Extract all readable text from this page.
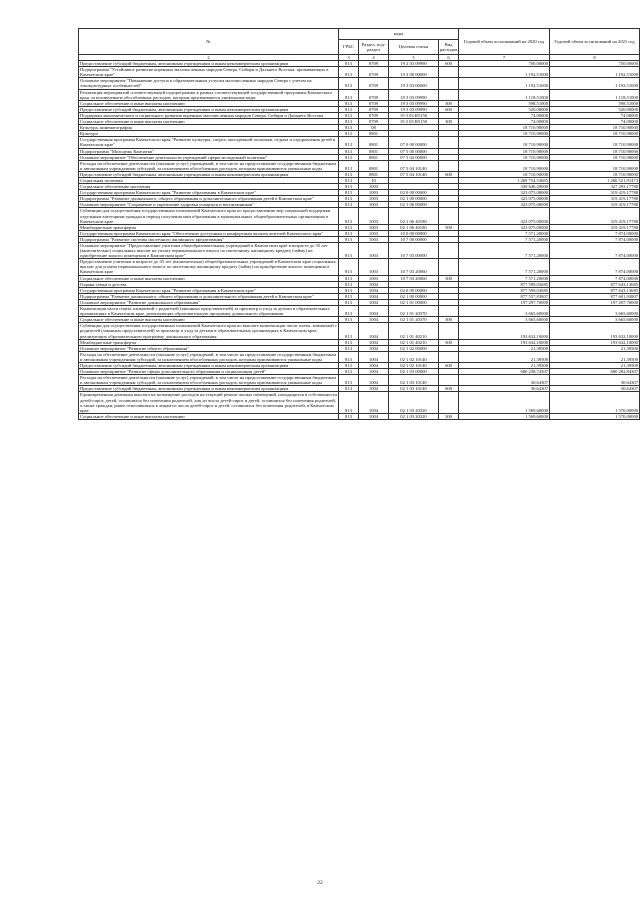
№	коды				Годовой объем ассигнований на 2020 год	Годовой объем ассигнований на 2021 год
	ГРБС	Раздел, под-раздел	Целевая статья	Вид расходов		
2	3	4	5	6	7	8
Предоставление субсидий бюджетным, автономным учреждениям и иным некоммерческим организациям	813	0709	19 2 03 09990	600	700,00000	750,00000
Подпрограмма "Устойчивое развитие коренных малочисленных народов Севера, Сибири и Дальнего Востока, проживающих в Камчатском крае"	813	0709	19 3 00 00000		1 192,51000	1 192,51000
Основное мероприятие "Повышение доступа к образовательным услугам малочисленных народов Севера с учетом их этнокультурных особенностей"	813	0709	19 3 03 00000		1 192,51000	1 192,51000
Реализация мероприятий соответствующей подпрограммы в рамках соответствующей государственной программы Камчатского края, за исключением обособленных расходов, которым присваиваются уникальные коды	813	0709	19 3 03 09990		1 118,51000	1 118,51000
Социальное обеспечение и иные выплаты населению	813	0709	19 3 03 09990	300	598,51000	598,51000
Предоставление субсидий бюджетным, автономным учреждениям и иным некоммерческим организациям	813	0709	19 3 03 09990	600	520,00000	520,00000
Поддержка экономического и социального развития коренных малочисленных народов Севера, Сибири и Дальнего Востока	813	0709	19 3 03 R5150		74,00000	74,00000
Социальное обеспечение и иные выплаты населению	813	0709	19 3 03 R5150	300	74,00000	74,00000
Культура, кинематография	813	08			18 710,90000	18 710,90000
Культура	813	0801			18 710,90000	18 710,90000
Государственная программа Камчатского края "Развитие культуры, спорта, молодежной политики, отдыха и оздоровления детей в Камчатском крае"	813	0801	07 0 00 00000		18 710,90000	18 710,90000
Подпрограмма "Молодежь Камчатки"	813	0801	07 5 00 00000		18 710,90000	18 710,90000
Основное мероприятие "Обеспечение деятельности учреждений сферы молодежной политики"	813	0801	07 5 04 00000		18 710,90000	18 710,90000
Расходы на обеспечение деятельности (оказание услуг) учреждений, в том числе на предоставление государственным бюджетным и автономным учреждениям субсидий, за исключением обособленных расходов, которым присваиваются уникальные коды	813	0801	07 5 04 10140		18 710,90000	18 710,90000
Предоставление субсидий бюджетным, автономным учреждениям и иным некоммерческим организациям	813	0801	07 5 04 10140	600	18 710,90000	18 710,90000
Социальная политика	813	10			1 269 754,53685	1 266 521,91473
Социальное обеспечение населения	813	1003			330 646,20000	327 293,17788
Государственная программа Камчатского края "Развитие образования в Камчатском крае"	813	1003	02 0 00 00000		323 075,00000	319 419,17788
Подпрограмма "Развитие дошкольного, общего образования и дополнительного образования детей в Камчатском крае"	813	1003	02 1 00 00000		323 075,00000	319 419,17788
Основное мероприятие "Сохранение и укрепление здоровья учащихся и воспитанников"	813	1003	02 1 06 00000		323 075,00000	319 419,17788
Субвенции для осуществления государственных полномочий Камчатского края по предоставлению мер социальной поддержки отдельным категориям граждан в период получения ими образования в муниципальных общеобразовательных организациях в Камчатском крае	813	1003	02 1 06 40180		323 075,00000	319 419,17788
Межбюджетные трансферты	813	1003	02 1 06 40180	500	323 075,00000	319 419,17788
Государственная программа Камчатского края "Обеспечение доступным и комфортным жильем жителей Камчатского края"	813	1003	10 0 00 00000		7 571,20000	7 874,00000
Подпрограмма "Развитие системы ипотечного жилищного кредитования"	813	1003	10 7 00 00000		7 571,20000	7 874,00000
Основное мероприятие "Предоставление учителям общеобразовательных учреждений в Камчатском крае в возрасте до 35 лет (включительно) социальных выплат на уплату первоначального взноса по ипотечному жилищному кредиту (займу) на приобретение жилого помещения в Камчатском крае"	813	1003	10 7 03 00000		7 571,20000	7 874,00000
Предоставление учителям в возрасте до 35 лет (включительно) общеобразовательных учреждений в Камчатском крае социальных выплат для уплаты первоначального взноса по ипотечному жилищному кредиту (займу) на приобретение жилого помещения в Камчатском крае	813	1003	10 7 03 20060		7 571,20000	7 874,00000
Социальное обеспечение и иные выплаты населению	813	1003	10 7 03 20060	300	7 571,20000	7 874,00000
Охрана семьи и детства	813	1004			877 599,03685	877 643,13685
Государственная программа Камчатского края "Развитие образования в Камчатском крае"	813	1004	02 0 00 00000		877 599,03685	877 643,13685
Подпрограмма "Развитие дошкольного, общего образования и дополнительного образования детей в Камчатском крае"	813	1004	02 1 00 00000		877 557,83807	877 601,93807
Основное мероприятие "Развитие дошкольного образования"	813	1004	02 1 01 00000		197 297,70000	197 297,70000
Компенсация части платы, взимаемой с родителей (законных представителей) за присмотр и уход за детьми в образовательных организациях в Камчатском крае, реализующих образовательную программу дошкольного образования	813	1004	02 1 01 20370		3 665,60000	3 665,60000
Социальное обеспечение и иные выплаты населению	813	1004	02 1 01 20370	300	3 665,60000	3 665,60000
Субвенции для осуществления государственных полномочий Камчатского края по выплате компенсации части платы, взимаемой с родителей (законных представителей) за присмотр и уход за детьми в образовательных организациях в Камчатском крае, реализующих образовательную программу дошкольного образования	813	1004	02 1 01 40210		193 632,10000	193 632,10000
Межбюджетные трансферты	813	1004	02 1 01 40210	500	193 632,10000	193 632,10000
Основное мероприятие "Развитие общего образования"	813	1004	02 1 02 00000		21,39500	21,39500
Расходы на обеспечение деятельности (оказание услуг) учреждений, в том числе на предоставление государственным бюджетным и автономным учреждениям субсидий, за исключением обособленных расходов, которым присваиваются уникальные коды	813	1004	02 1 02 10140		21,39500	21,39500
Предоставление субсидий бюджетным, автономным учреждениям и иным некоммерческим организациям	813	1004	02 1 02 10140	600	21,39500	21,39500
Основное мероприятие "Развитие сферы дополнительного образования и социализации детей"	813	1004	02 1 03 00000		680 238,74307	680 282,84307
Расходы на обеспечение деятельности (оказание услуг) учреждений, в том числе на предоставление государственным бюджетным и автономным учреждениям субсидий, за исключением обособленных расходов, которым присваиваются уникальные коды	813	1004	02 1 03 10140		30,64307	30,64307
Предоставление субсидий бюджетным, автономным учреждениям и иным некоммерческим организациям	813	1004	02 1 03 10140	600	30,64307	30,64307
Единовременная денежная выплата на возмещение расходов на текущий ремонт жилых помещений, находящихся в собственности детей-сирот, детей, оставшихся без попечения родителей, лиц из числа детей-сирот и детей, оставшихся без попечения родителей, а также граждан, ранее относившихся к лицам из числа детей-сирот и детей, оставшихся без попечения родителей, в Камчатском крае	813	1004	02 1 03 20320		1 569,60000	1 570,00000
Социальное обеспечение и иные выплаты населению	813	1004	02 1 03 20320	300	1 569,60000	1 570,00000
22
